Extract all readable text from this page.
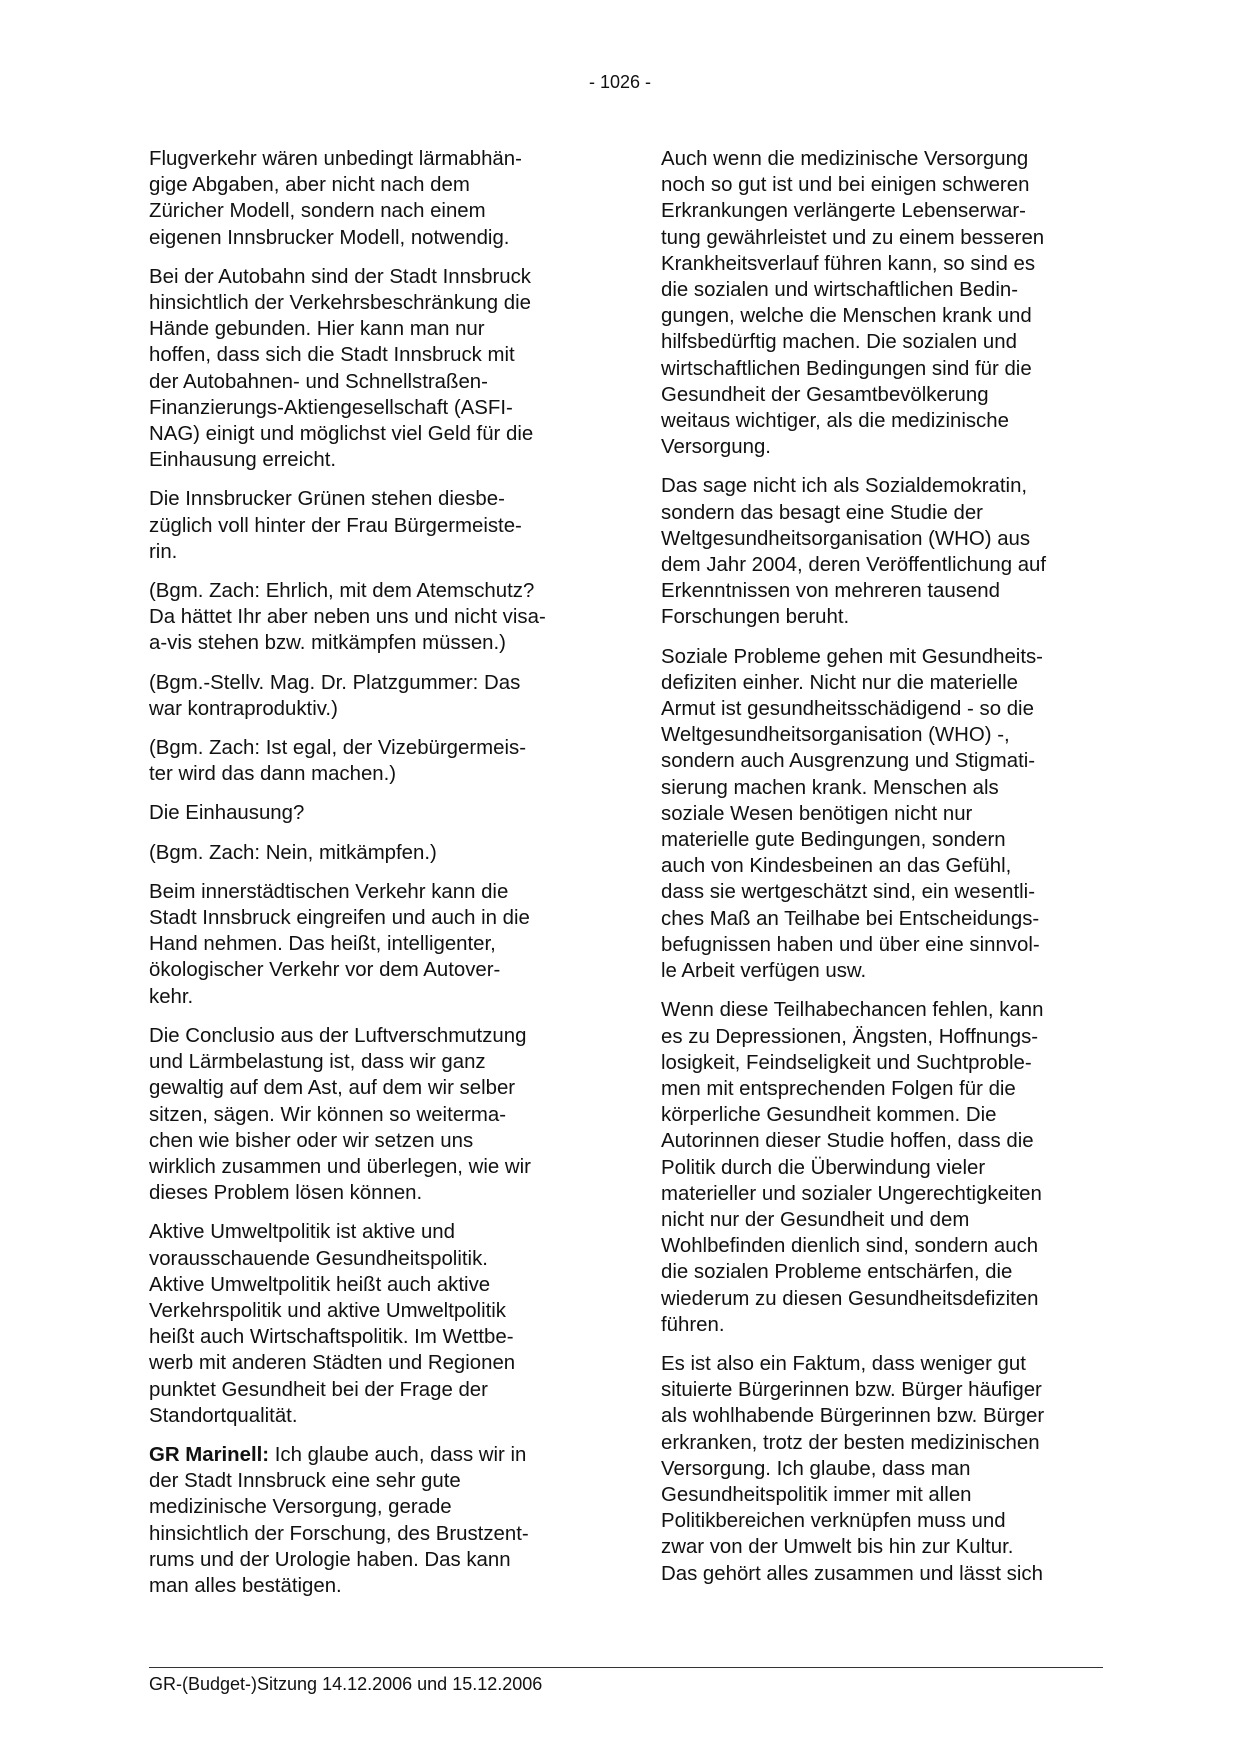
- 1026 -

Flugverkehr wären unbedingt lärmabhän-
gige Abgaben, aber nicht nach dem
Züricher Modell, sondern nach einem
eigenen Innsbrucker Modell, notwendig.

Bei der Autobahn sind der Stadt Innsbruck
hinsichtlich der Verkehrsbeschränkung die
Hände gebunden. Hier kann man nur
hoffen, dass sich die Stadt Innsbruck mit
der Autobahnen- und Schnellstraßen-
Finanzierungs-Aktiengesellschaft (ASFI-
NAG) einigt und möglichst viel Geld für die
Einhausung erreicht.

Die Innsbrucker Grünen stehen diesbe-
züglich voll hinter der Frau Bürgermeiste-
rin.

(Bgm. Zach: Ehrlich, mit dem Atemschutz?
Da hättet Ihr aber neben uns und nicht visa-
a-vis stehen bzw. mitkämpfen müssen.)

(Bgm.-Stellv. Mag. Dr. Platzgummer: Das
war kontraproduktiv.)

(Bgm. Zach: Ist egal, der Vizebürgermeis-
ter wird das dann machen.)

Die Einhausung?

(Bgm. Zach: Nein, mitkämpfen.)

Beim innerstädtischen Verkehr kann die
Stadt Innsbruck eingreifen und auch in die
Hand nehmen. Das heißt, intelligenter,
ökologischer Verkehr vor dem Autover-
kehr.

Die Conclusio aus der Luftverschmutzung
und Lärmbelastung ist, dass wir ganz
gewaltig auf dem Ast, auf dem wir selber
sitzen, sägen. Wir können so weiterma-
chen wie bisher oder wir setzen uns
wirklich zusammen und überlegen, wie wir
dieses Problem lösen können.

Aktive Umweltpolitik ist aktive und
vorausschauende Gesundheitspolitik.
Aktive Umweltpolitik heißt auch aktive
Verkehrspolitik und aktive Umweltpolitik
heißt auch Wirtschaftspolitik. Im Wettbe-
werb mit anderen Städten und Regionen
punktet Gesundheit bei der Frage der
Standortqualität.

GR Marinell: Ich glaube auch, dass wir in
der Stadt Innsbruck eine sehr gute
medizinische Versorgung, gerade
hinsichtlich der Forschung, des Brustzent-
rums und der Urologie haben. Das kann
man alles bestätigen.

Auch wenn die medizinische Versorgung
noch so gut ist und bei einigen schweren
Erkrankungen verlängerte Lebenserwar-
tung gewährleistet und zu einem besseren
Krankheitsverlauf führen kann, so sind es
die sozialen und wirtschaftlichen Bedin-
gungen, welche die Menschen krank und
hilfsbedürftig machen. Die sozialen und
wirtschaftlichen Bedingungen sind für die
Gesundheit der Gesamtbevölkerung
weitaus wichtiger, als die medizinische
Versorgung.

Das sage nicht ich als Sozialdemokratin,
sondern das besagt eine Studie der
Weltgesundheitsorganisation (WHO) aus
dem Jahr 2004, deren Veröffentlichung auf
Erkenntnissen von mehreren tausend
Forschungen beruht.

Soziale Probleme gehen mit Gesundheits-
defiziten einher. Nicht nur die materielle
Armut ist gesundheitsschädigend - so die
Weltgesundheitsorganisation (WHO) -,
sondern auch Ausgrenzung und Stigmati-
sierung machen krank. Menschen als
soziale Wesen benötigen nicht nur
materielle gute Bedingungen, sondern
auch von Kindesbeinen an das Gefühl,
dass sie wertgeschätzt sind, ein wesentli-
ches Maß an Teilhabe bei Entscheidungs-
befugnissen haben und über eine sinnvol-
le Arbeit verfügen usw.

Wenn diese Teilhabechancen fehlen, kann
es zu Depressionen, Ängsten, Hoffnungs-
losigkeit, Feindseligkeit und Suchtproble-
men mit entsprechenden Folgen für die
körperliche Gesundheit kommen. Die
Autorinnen dieser Studie hoffen, dass die
Politik durch die Überwindung vieler
materieller und sozialer Ungerechtigkeiten
nicht nur der Gesundheit und dem
Wohlbefinden dienlich sind, sondern auch
die sozialen Probleme entschärfen, die
wiederum zu diesen Gesundheitsdefiziten
führen.

Es ist also ein Faktum, dass weniger gut
situierte Bürgerinnen bzw. Bürger häufiger
als wohlhabende Bürgerinnen bzw. Bürger
erkranken, trotz der besten medizinischen
Versorgung. Ich glaube, dass man
Gesundheitspolitik immer mit allen
Politikbereichen verknüpfen muss und
zwar von der Umwelt bis hin zur Kultur.
Das gehört alles zusammen und lässt sich

GR-(Budget-)Sitzung 14.12.2006 und 15.12.2006
